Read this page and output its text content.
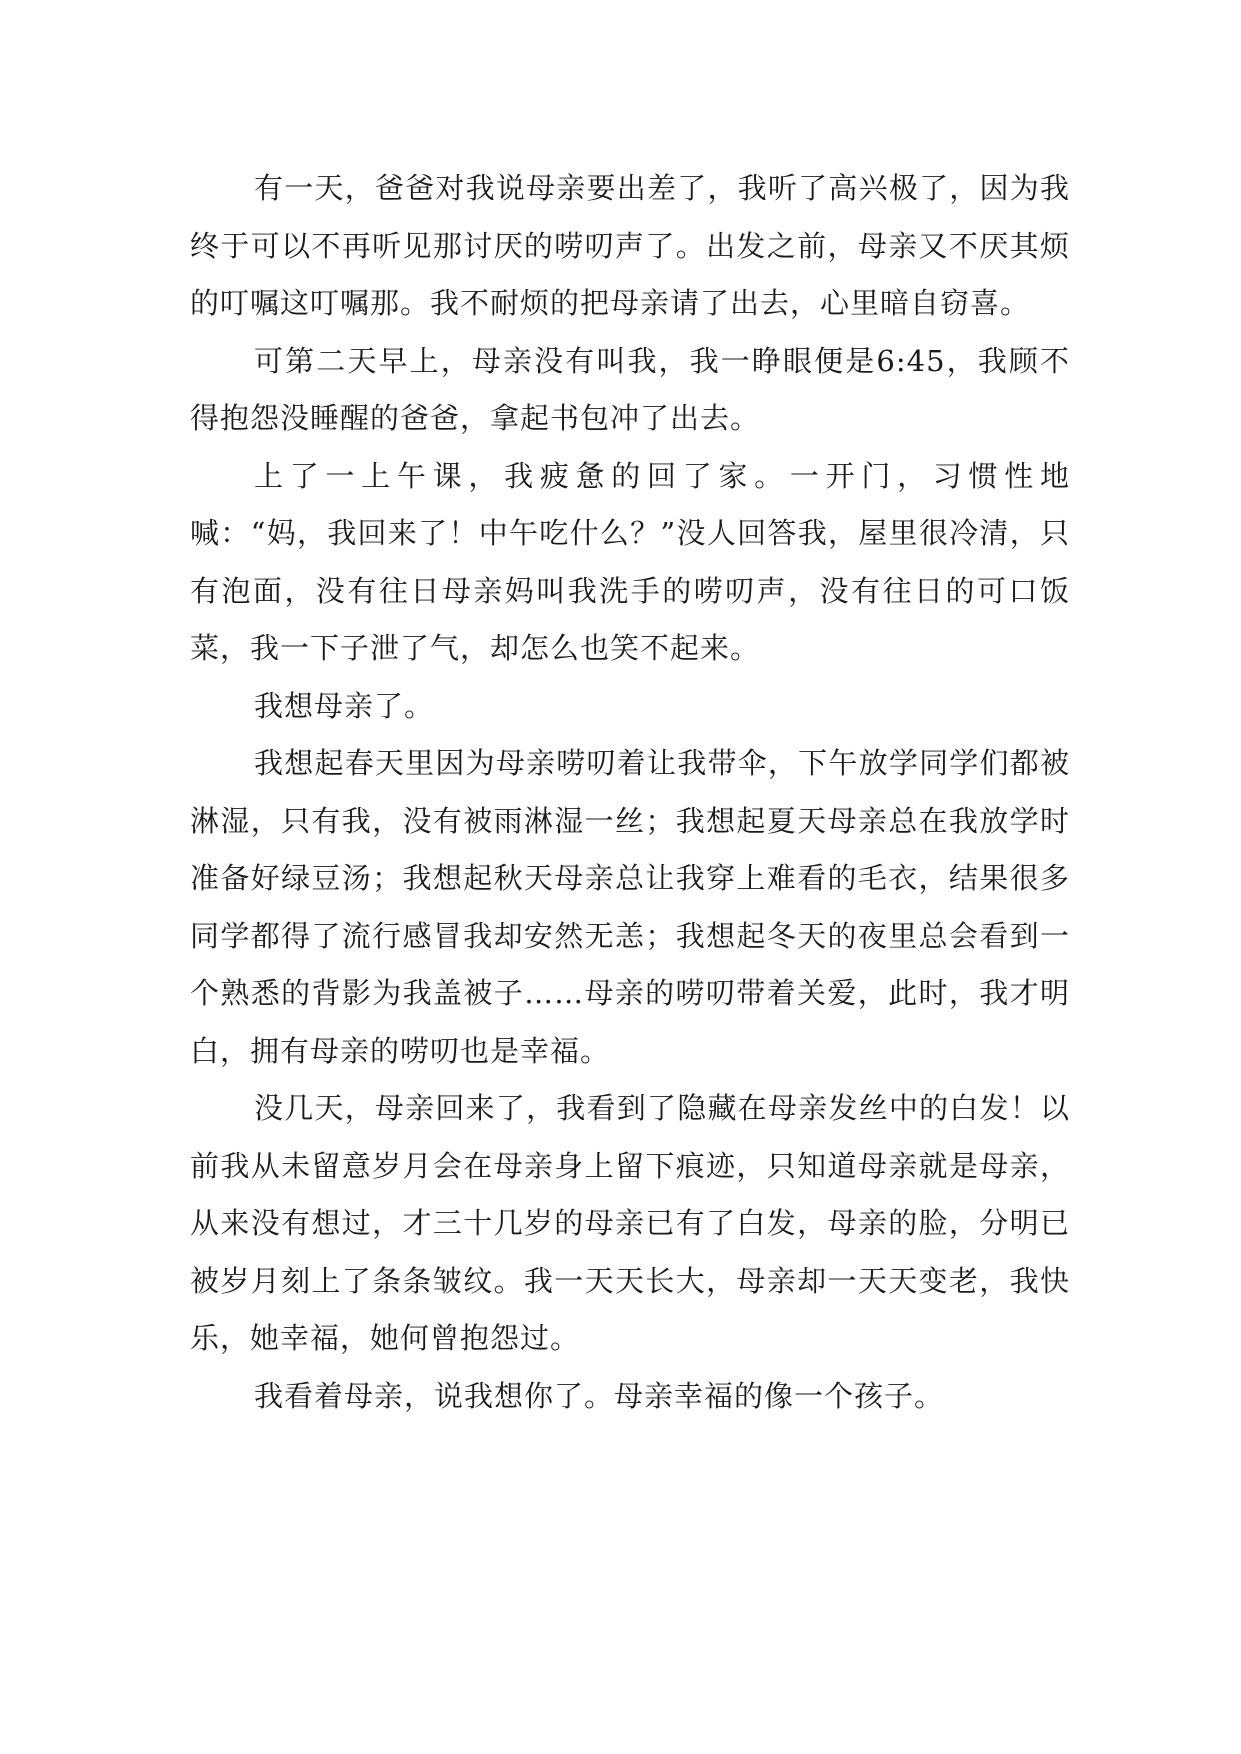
有一天，爸爸对我说母亲要出差了，我听了高兴极了，因为我终于可以不再听见那讨厌的唠叨声了。出发之前，母亲又不厌其烦的叮嘱这叮嘱那。我不耐烦的把母亲请了出去，心里暗自窃喜。

可第二天早上，母亲没有叫我，我一睁眼便是6:45，我顾不得抱怨没睡醒的爸爸，拿起书包冲了出去。

上了一上午课，我疲惫的回了家。一开门，习惯性地喊：“妈，我回来了！中午吃什么？”没人回答我，屋里很冷清，只有泡面，没有往日母亲妈叫我洗手的唠叨声，没有往日的可口饭菜，我一下子泄了气，却怎么也笑不起来。

我想母亲了。

我想起春天里因为母亲唠叨着让我带伞，下午放学同学们都被淋湿，只有我，没有被雨淋湿一丝；我想起夏天母亲总在我放学时准备好绿豆汤；我想起秋天母亲总让我穿上难看的毛衣，结果很多同学都得了流行感冒我却安然无恙；我想起冬天的夜里总会看到一个熟悉的背影为我盖被子……母亲的唠叨带着关爱，此时，我才明白，拥有母亲的唠叨也是幸福。

没几天，母亲回来了，我看到了隐藏在母亲发丝中的白发！以前我从未留意岁月会在母亲身上留下痕迹，只知道母亲就是母亲，从来没有想过，才三十几岁的母亲已有了白发，母亲的脸，分明已被岁月刻上了条条皱纹。我一天天长大，母亲却一天天变老，我快乐，她幸福，她何曾抱怨过。

我看着母亲，说我想你了。母亲幸福的像一个孩子。
